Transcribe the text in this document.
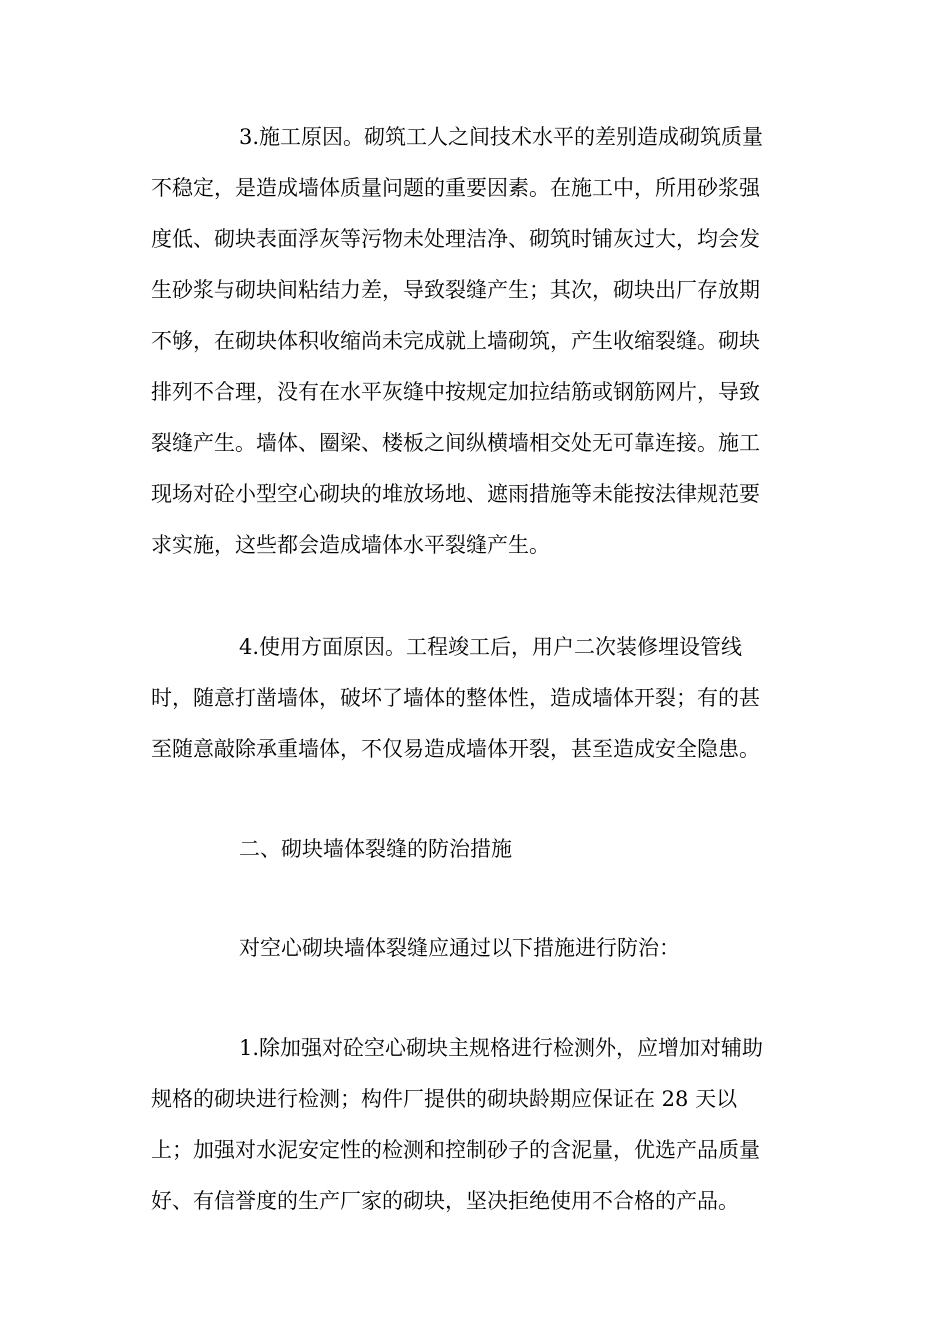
3.施工原因。砌筑工人之间技术水平的差别造成砌筑质量
不稳定，是造成墙体质量问题的重要因素。在施工中，所用砂浆强
度低、砌块表面浮灰等污物未处理洁净、砌筑时铺灰过大，均会发
生砂浆与砌块间粘结力差，导致裂缝产生；其次，砌块出厂存放期
不够，在砌块体积收缩尚未完成就上墙砌筑，产生收缩裂缝。砌块
排列不合理，没有在水平灰缝中按规定加拉结筋或钢筋网片，导致
裂缝产生。墙体、圈梁、楼板之间纵横墙相交处无可靠连接。施工
现场对砼小型空心砌块的堆放场地、遮雨措施等未能按法律规范要
求实施，这些都会造成墙体水平裂缝产生。
4.使用方面原因。工程竣工后，用户二次装修埋设管线
时，随意打凿墙体，破坏了墙体的整体性，造成墙体开裂；有的甚
至随意敲除承重墙体，不仅易造成墙体开裂，甚至造成安全隐患。
二、砌块墙体裂缝的防治措施
对空心砌块墙体裂缝应通过以下措施进行防治：
1.除加强对砼空心砌块主规格进行检测外，应增加对辅助
规格的砌块进行检测；构件厂提供的砌块龄期应保证在 28 天以
上；加强对水泥安定性的检测和控制砂子的含泥量，优选产品质量
好、有信誉度的生产厂家的砌块，坚决拒绝使用不合格的产品。
